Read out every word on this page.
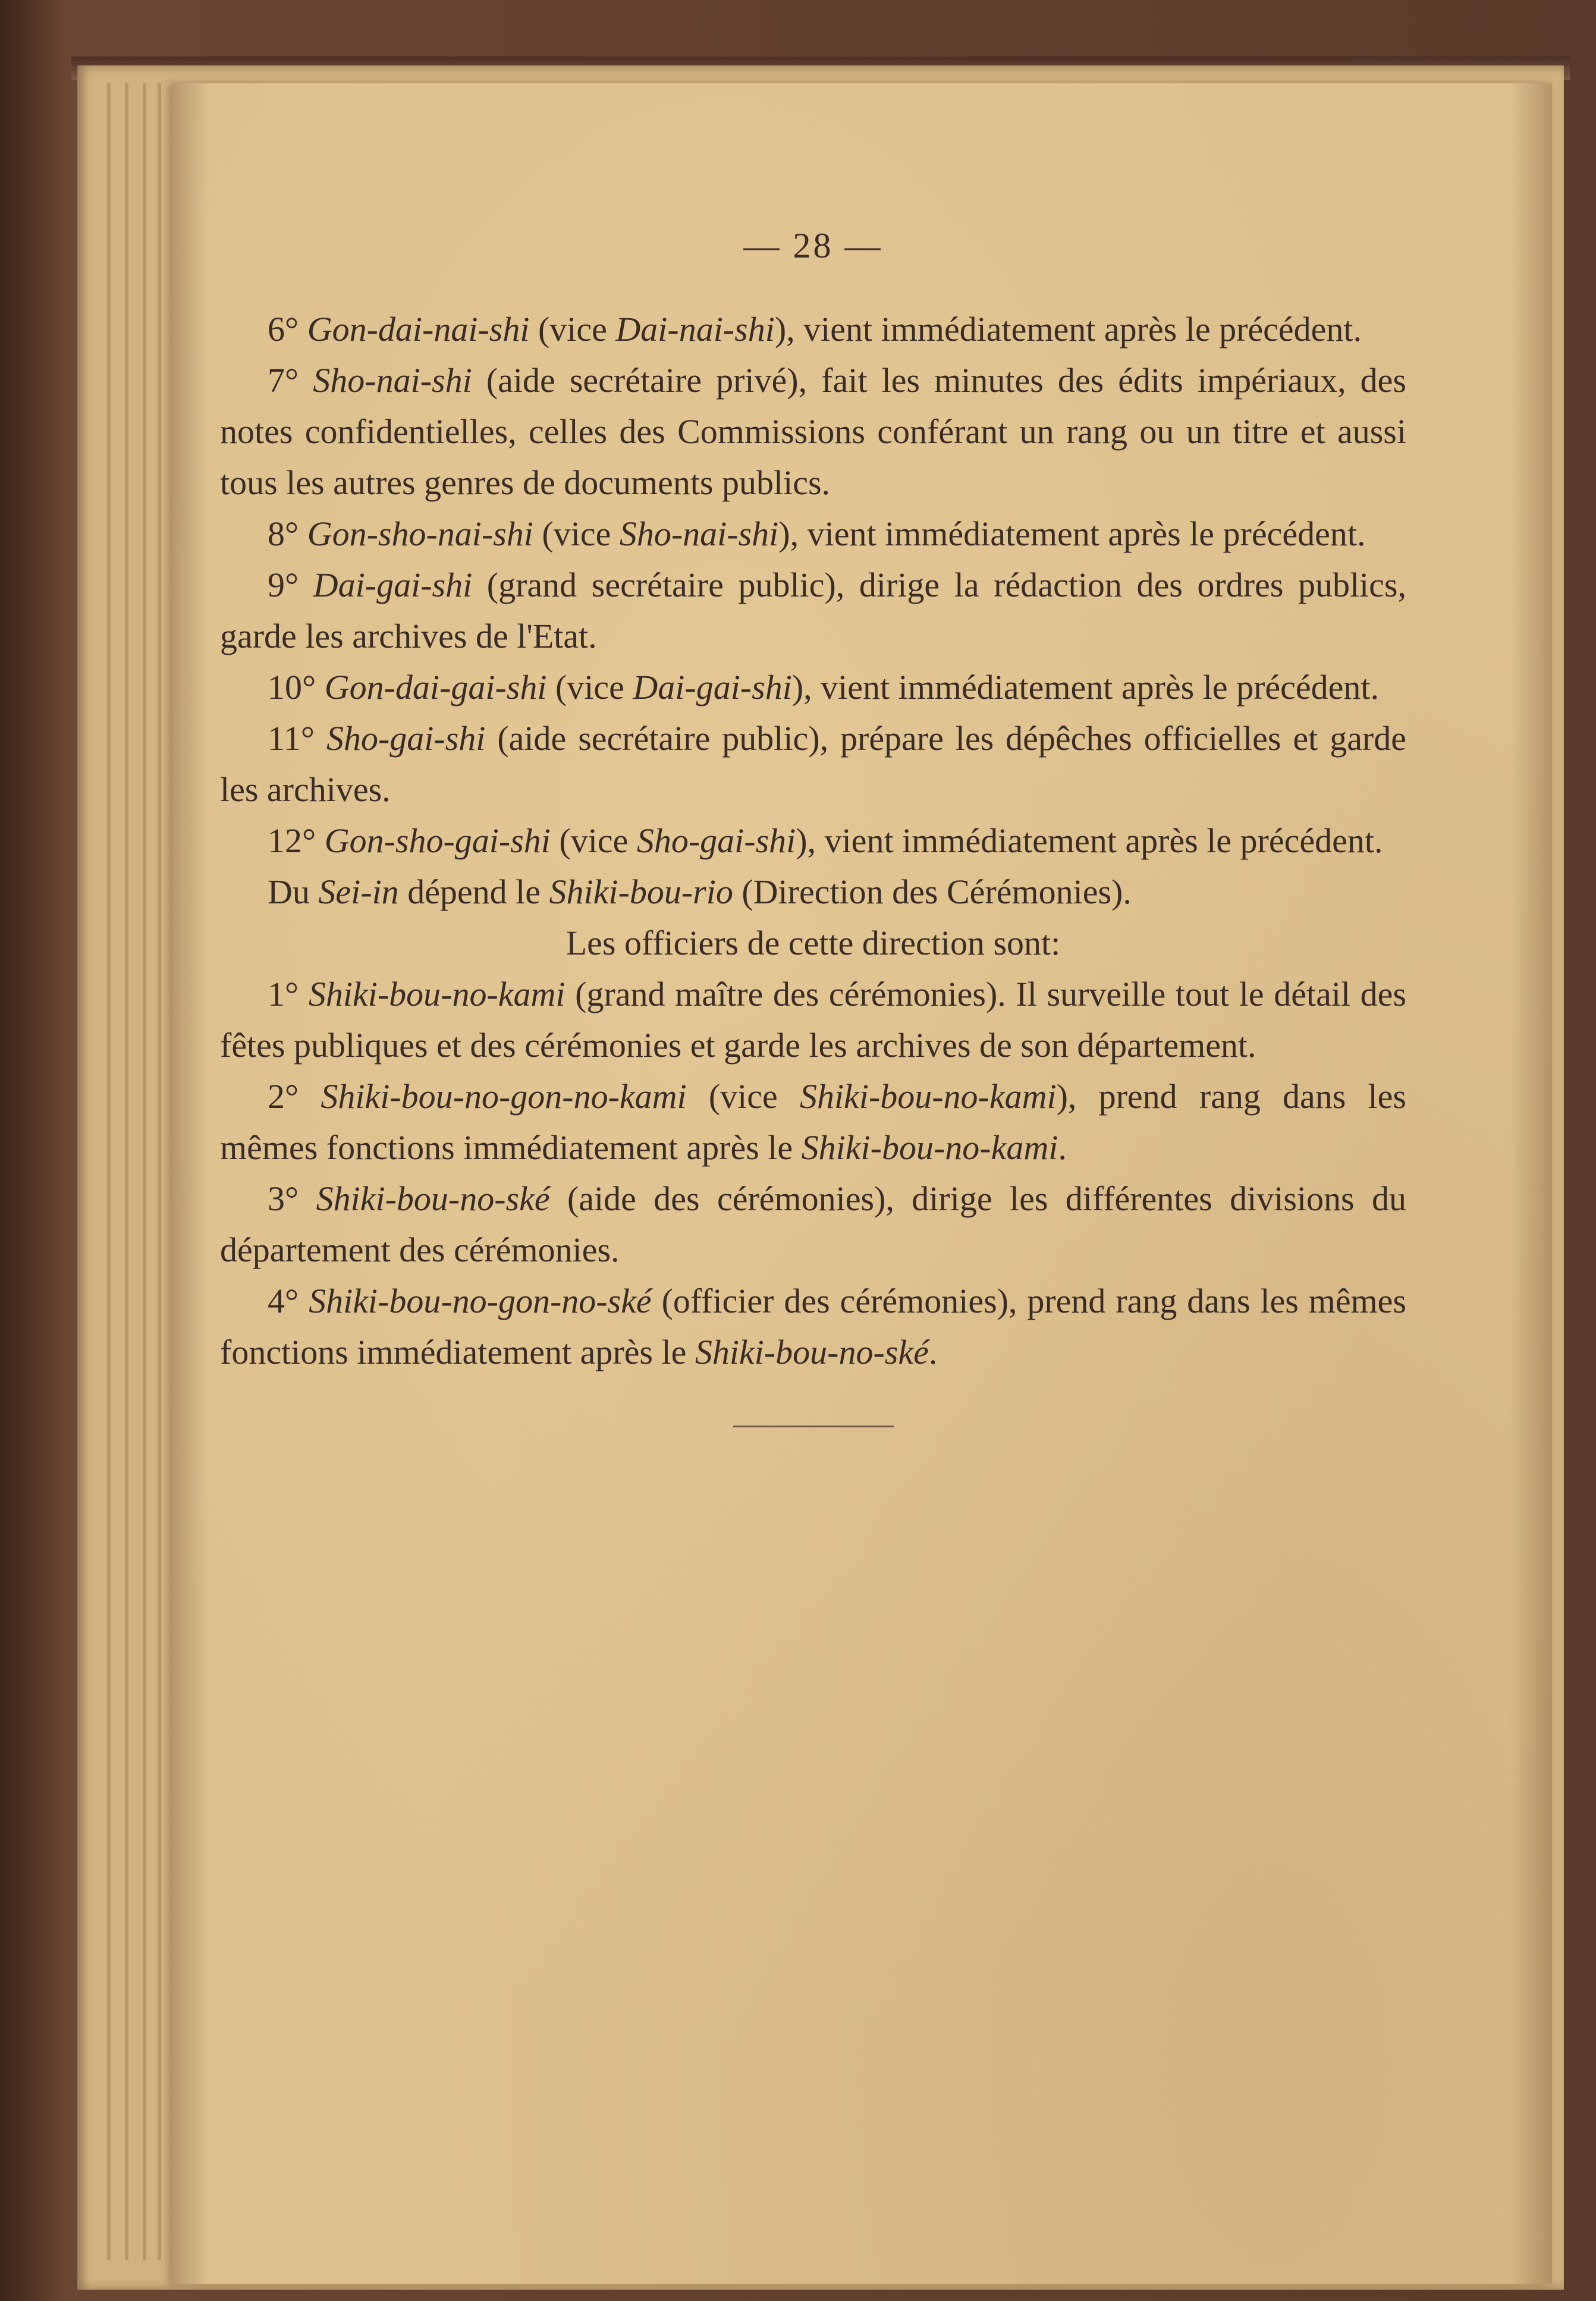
— 28 —

6° Gon-dai-nai-shi (vice Dai-nai-shi), vient immédiatement après le précédent.

7° Sho-nai-shi (aide secrétaire privé), fait les minutes des édits impériaux, des notes confidentielles, celles des Commissions conférant un rang ou un titre et aussi tous les autres genres de documents publics.

8° Gon-sho-nai-shi (vice Sho-nai-shi), vient immédiatement après le précédent.

9° Dai-gai-shi (grand secrétaire public), dirige la rédaction des ordres publics, garde les archives de l'Etat.

10° Gon-dai-gai-shi (vice Dai-gai-shi), vient immédiatement après le précédent.

11° Sho-gai-shi (aide secrétaire public), prépare les dépêches officielles et garde les archives.

12° Gon-sho-gai-shi (vice Sho-gai-shi), vient immédiatement après le précédent.

Du Sei-in dépend le Shiki-bou-rio (Direction des Cérémonies).

Les officiers de cette direction sont:

1° Shiki-bou-no-kami (grand maître des cérémonies). Il surveille tout le détail des fêtes publiques et des cérémonies et garde les archives de son département.

2° Shiki-bou-no-gon-no-kami (vice Shiki-bou-no-kami), prend rang dans les mêmes fonctions immédiatement après le Shiki-bou-no-kami.

3° Shiki-bou-no-ské (aide des cérémonies), dirige les différentes divisions du département des cérémonies.

4° Shiki-bou-no-gon-no-ské (officier des cérémonies), prend rang dans les mêmes fonctions immédiatement après le Shiki-bou-no-ské.
